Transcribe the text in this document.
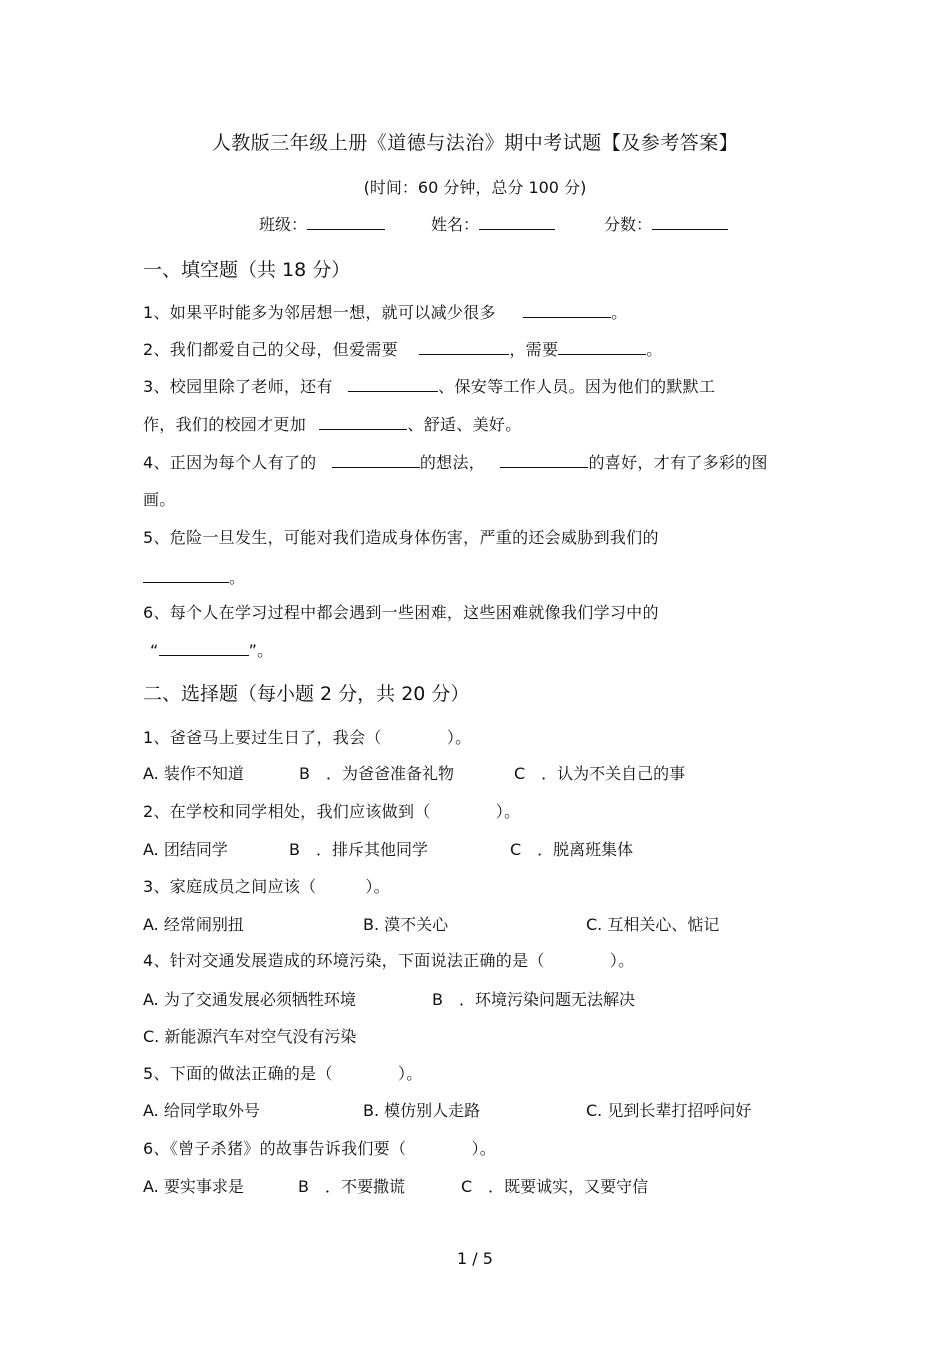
人教版三年级上册《道德与法治》期中考试题【及参考答案】
(时间：60 分钟，总分 100 分)
班级：	姓名：	分数：
一、填空题（共 18 分）
1、如果平时能多为邻居想一想，就可以减少很多	。
2、我们都爱自己的父母，但爱需要	，需要	。
3、校园里除了老师，还有	、保安等工作人员。因为他们的默默工
作，我们的校园才更加	、舒适、美好。
4、正因为每个人有了的	的想法，	的喜好，才有了多彩的图
画。
5、危险一旦发生，可能对我们造成身体伤害，严重的还会威胁到我们的
。
6、每个人在学习过程中都会遇到一些困难，这些困难就像我们学习中的
“	”。
二、选择题（每小题 2 分，共 20 分）
1、爸爸马上要过生日了，我会（　　　　）。
A. 装作不知道	B　．为爸爸准备礼物	C　．认为不关自己的事
2、在学校和同学相处，我们应该做到（　　　　）。
A. 团结同学	B　．排斥其他同学	C　．脱离班集体
3、家庭成员之间应该（　　　）。
A. 经常闹别扭	B. 漠不关心	C. 互相关心、惦记
4、针对交通发展造成的环境污染，下面说法正确的是（　　　　）。
A. 为了交通发展必须牺牲环境	B　．环境污染问题无法解决
C. 新能源汽车对空气没有污染
5、下面的做法正确的是（　　　　）。
A. 给同学取外号	B. 模仿别人走路	C. 见到长辈打招呼问好
6、《曾子杀猪》的故事告诉我们要（　　　　）。
A. 要实事求是	B　．不要撒谎	C　．既要诚实，又要守信
1 / 5
